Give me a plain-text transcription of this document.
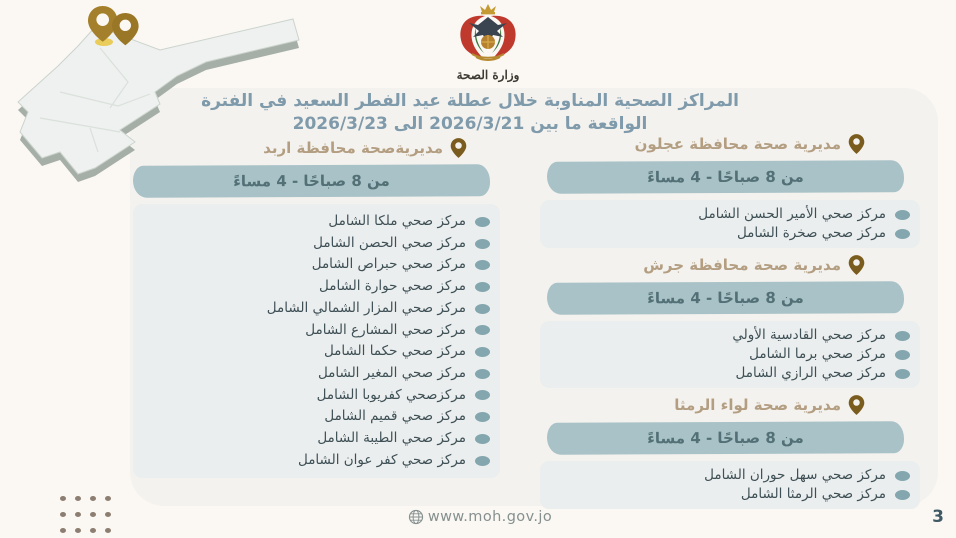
وزارة الصحة
المراكز الصحية المناوبة خلال عطلة عيد الفطر السعيد في الفترة
الواقعة ما بين 2026/3/21 الى 2026/3/23
مديرية صحة محافظة عجلون
من 8 صباحًا - 4 مساءً
مركز صحي الأمير الحسن الشامل
مركز صحي صخرة الشامل
مديرية صحة محافظة جرش
من 8 صباحًا - 4 مساءً
مركز صحي القادسية الأولي
مركز صحي برما الشامل
مركز صحي الرازي الشامل
مديرية صحة لواء الرمثا
من 8 صباحًا - 4 مساءً
مركز صحي سهل حوران الشامل
مركز صحي الرمثا الشامل
مديريةصحة محافظة اربد
من 8 صباحًا - 4 مساءً
مركز صحي ملكا الشامل
مركز صحي الحصن الشامل
مركز صحي حبراص الشامل
مركز صحي حوارة الشامل
مركز صحي المزار الشمالي الشامل
مركز صحي المشارع الشامل
مركز صحي حكما الشامل
مركز صحي المغير الشامل
مركزصحي كفريوبا الشامل
مركز صحي قميم الشامل
مركز صحي الطيبة الشامل
مركز صحي كفر عوان الشامل
www.moh.gov.jo	3
